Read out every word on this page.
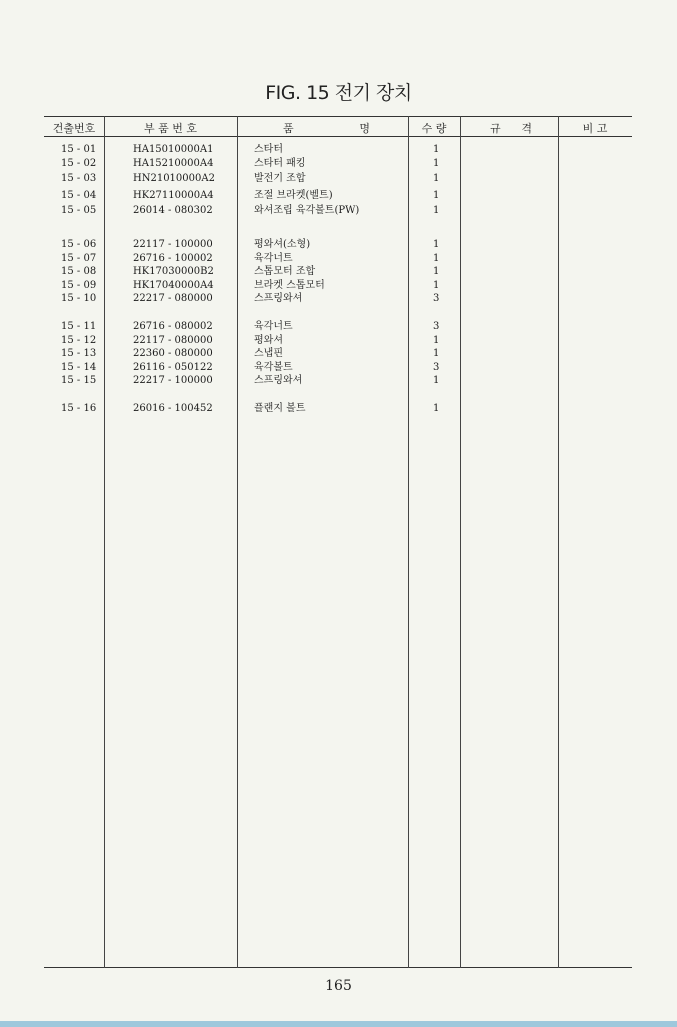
FIG. 15 전기 장치
건출번호	부 품 번 호	품	명	수 량	규 격	비 고
15 - 01	HA15010000A1	스타터	1
15 - 02	HA15210000A4	스타터 패킹	1
15 - 03	HN21010000A2	발전기 조합	1
15 - 04	HK27110000A4	조절 브라켓(벨트)	1
15 - 05	26014 - 080302	와셔조립 육각볼트(PW)	1
15 - 06	22117 - 100000	평와셔(소형)	1
15 - 07	26716 - 100002	육각너트	1
15 - 08	HK17030000B2	스톱모터 조합	1
15 - 09	HK17040000A4	브라켓 스톱모터	1
15 - 10	22217 - 080000	스프링와셔	3
15 - 11	26716 - 080002	육각너트	3
15 - 12	22117 - 080000	평와셔	1
15 - 13	22360 - 080000	스냅핀	1
15 - 14	26116 - 050122	육각볼트	3
15 - 15	22217 - 100000	스프링와셔	1
15 - 16	26016 - 100452	플랜지 볼트	1
165
